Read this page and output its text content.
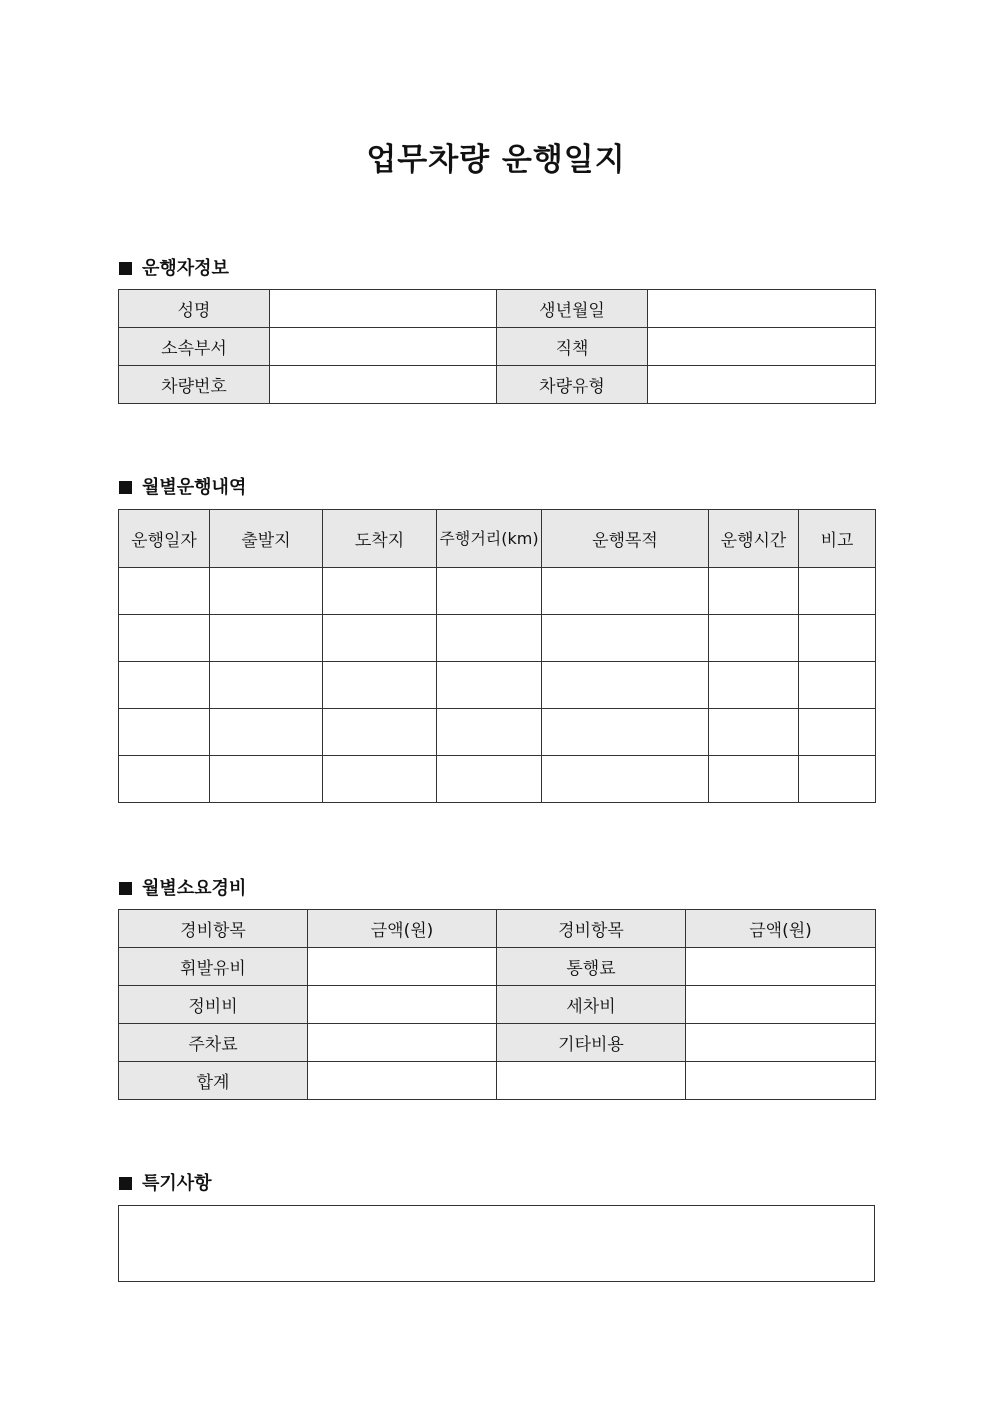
업무차량 운행일지
운행자정보
성명		생년월일	
소속부서		직책	
차량번호		차량유형	
월별운행내역
운행일자	출발지	도착지	주행거리(km)	운행목적	운행시간	비고

월별소요경비
경비항목	금액(원)	경비항목	금액(원)
휘발유비		통행료	
정비비		세차비	
주차료		기타비용	
합계			
특기사항
